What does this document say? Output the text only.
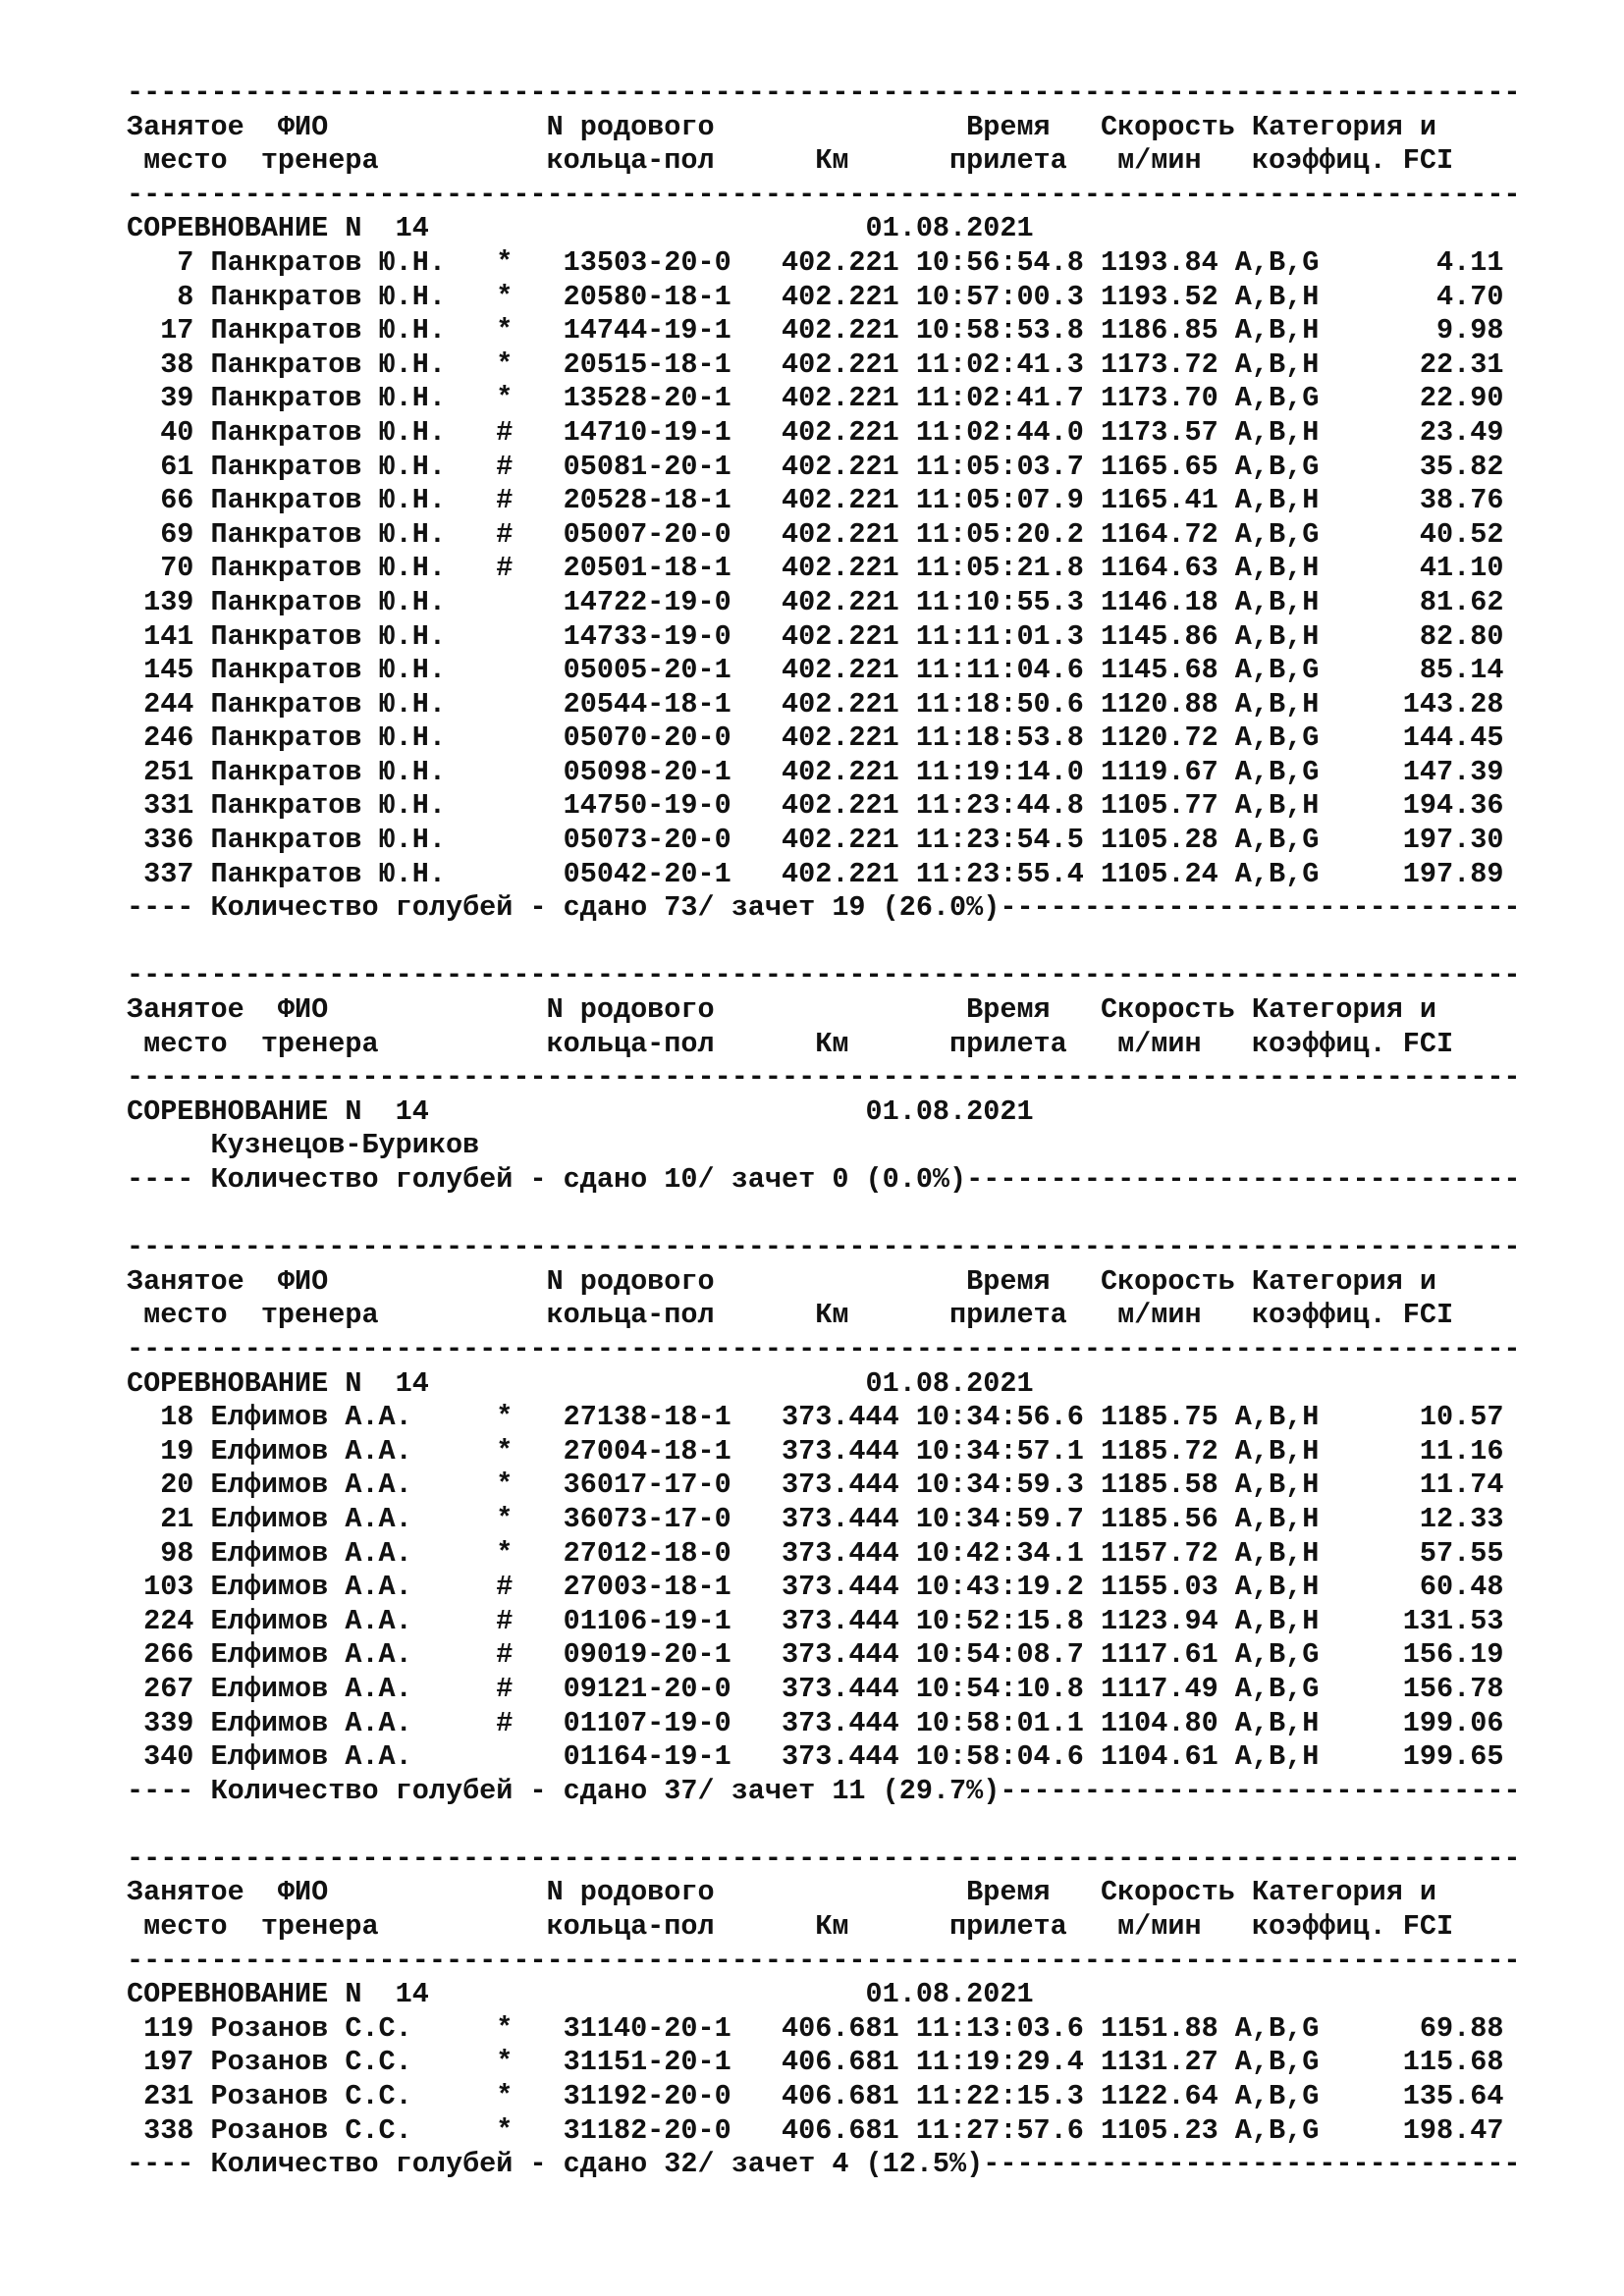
-----------------------------------------------------------------------------------
Занятое  ФИО             N родового               Время   Скорость Категория и
место  тренера          кольца-пол      Км      прилета   м/мин   коэффиц. FCI
-----------------------------------------------------------------------------------
СОРЕВНОВАНИЕ N  14                          01.08.2021
7 Панкратов Ю.Н.   *   13503-20-0   402.221 10:56:54.8 1193.84 A,B,G       4.11
8 Панкратов Ю.Н.   *   20580-18-1   402.221 10:57:00.3 1193.52 A,B,H       4.70
17 Панкратов Ю.Н.   *   14744-19-1   402.221 10:58:53.8 1186.85 A,B,H       9.98
38 Панкратов Ю.Н.   *   20515-18-1   402.221 11:02:41.3 1173.72 A,B,H      22.31
39 Панкратов Ю.Н.   *   13528-20-1   402.221 11:02:41.7 1173.70 A,B,G      22.90
40 Панкратов Ю.Н.   #   14710-19-1   402.221 11:02:44.0 1173.57 A,B,H      23.49
61 Панкратов Ю.Н.   #   05081-20-1   402.221 11:05:03.7 1165.65 A,B,G      35.82
66 Панкратов Ю.Н.   #   20528-18-1   402.221 11:05:07.9 1165.41 A,B,H      38.76
69 Панкратов Ю.Н.   #   05007-20-0   402.221 11:05:20.2 1164.72 A,B,G      40.52
70 Панкратов Ю.Н.   #   20501-18-1   402.221 11:05:21.8 1164.63 A,B,H      41.10
139 Панкратов Ю.Н.       14722-19-0   402.221 11:10:55.3 1146.18 A,B,H      81.62
141 Панкратов Ю.Н.       14733-19-0   402.221 11:11:01.3 1145.86 A,B,H      82.80
145 Панкратов Ю.Н.       05005-20-1   402.221 11:11:04.6 1145.68 A,B,G      85.14
244 Панкратов Ю.Н.       20544-18-1   402.221 11:18:50.6 1120.88 A,B,H     143.28
246 Панкратов Ю.Н.       05070-20-0   402.221 11:18:53.8 1120.72 A,B,G     144.45
251 Панкратов Ю.Н.       05098-20-1   402.221 11:19:14.0 1119.67 A,B,G     147.39
331 Панкратов Ю.Н.       14750-19-0   402.221 11:23:44.8 1105.77 A,B,H     194.36
336 Панкратов Ю.Н.       05073-20-0   402.221 11:23:54.5 1105.28 A,B,G     197.30
337 Панкратов Ю.Н.       05042-20-1   402.221 11:23:55.4 1105.24 A,B,G     197.89
---- Количество голубей - сдано 73/ зачет 19 (26.0%)-------------------------------
-----------------------------------------------------------------------------------
Занятое  ФИО             N родового               Время   Скорость Категория и
место  тренера          кольца-пол      Км      прилета   м/мин   коэффиц. FCI
-----------------------------------------------------------------------------------
СОРЕВНОВАНИЕ N  14                          01.08.2021
Кузнецов-Буриков
---- Количество голубей - сдано 10/ зачет 0 (0.0%)---------------------------------
-----------------------------------------------------------------------------------
Занятое  ФИО             N родового               Время   Скорость Категория и
место  тренера          кольца-пол      Км      прилета   м/мин   коэффиц. FCI
-----------------------------------------------------------------------------------
СОРЕВНОВАНИЕ N  14                          01.08.2021
18 Елфимов А.А.     *   27138-18-1   373.444 10:34:56.6 1185.75 A,B,H      10.57
19 Елфимов А.А.     *   27004-18-1   373.444 10:34:57.1 1185.72 A,B,H      11.16
20 Елфимов А.А.     *   36017-17-0   373.444 10:34:59.3 1185.58 A,B,H      11.74
21 Елфимов А.А.     *   36073-17-0   373.444 10:34:59.7 1185.56 A,B,H      12.33
98 Елфимов А.А.     *   27012-18-0   373.444 10:42:34.1 1157.72 A,B,H      57.55
103 Елфимов А.А.     #   27003-18-1   373.444 10:43:19.2 1155.03 A,B,H      60.48
224 Елфимов А.А.     #   01106-19-1   373.444 10:52:15.8 1123.94 A,B,H     131.53
266 Елфимов А.А.     #   09019-20-1   373.444 10:54:08.7 1117.61 A,B,G     156.19
267 Елфимов А.А.     #   09121-20-0   373.444 10:54:10.8 1117.49 A,B,G     156.78
339 Елфимов А.А.     #   01107-19-0   373.444 10:58:01.1 1104.80 A,B,H     199.06
340 Елфимов А.А.         01164-19-1   373.444 10:58:04.6 1104.61 A,B,H     199.65
---- Количество голубей - сдано 37/ зачет 11 (29.7%)-------------------------------
-----------------------------------------------------------------------------------
Занятое  ФИО             N родового               Время   Скорость Категория и
место  тренера          кольца-пол      Км      прилета   м/мин   коэффиц. FCI
-----------------------------------------------------------------------------------
СОРЕВНОВАНИЕ N  14                          01.08.2021
119 Розанов С.С.     *   31140-20-1   406.681 11:13:03.6 1151.88 A,B,G      69.88
197 Розанов С.С.     *   31151-20-1   406.681 11:19:29.4 1131.27 A,B,G     115.68
231 Розанов С.С.     *   31192-20-0   406.681 11:22:15.3 1122.64 A,B,G     135.64
338 Розанов С.С.     *   31182-20-0   406.681 11:27:57.6 1105.23 A,B,G     198.47
---- Количество голубей - сдано 32/ зачет 4 (12.5%)--------------------------------
